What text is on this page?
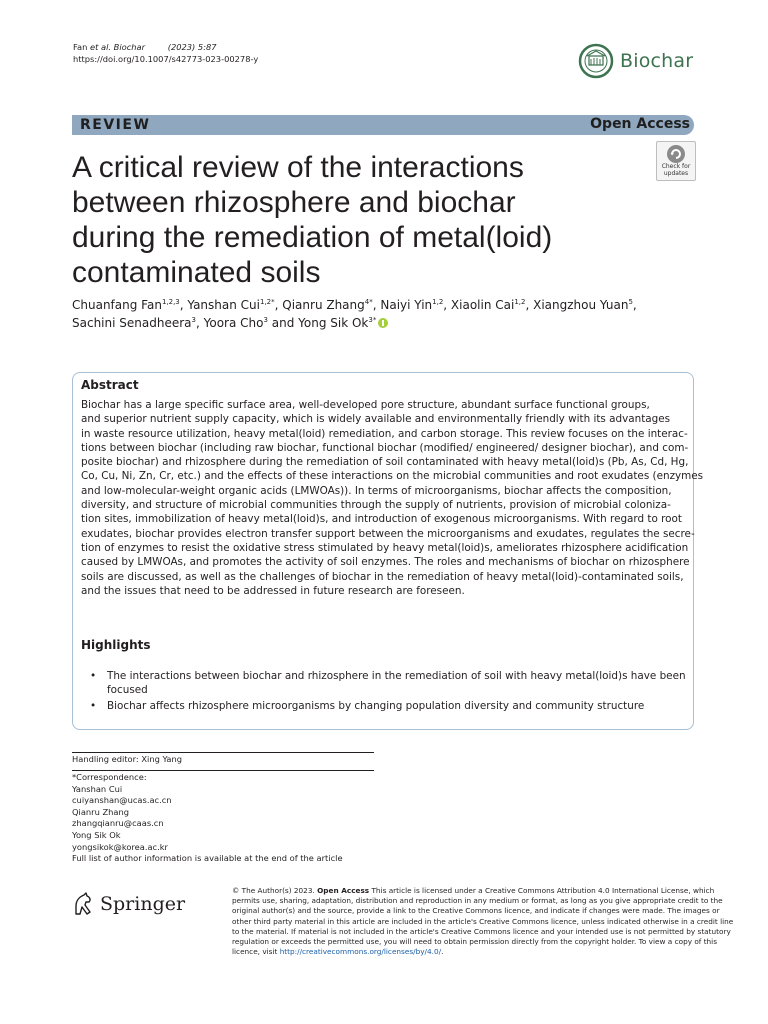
Fan et al. Biochar	(2023) 5:87
https://doi.org/10.1007/s42773-023-00278-y	Biochar
REVIEW	Open Access
Check for
updates
A critical review of the interactions
between rhizosphere and biochar
during the remediation of metal(loid)
contaminated soils
Chuanfang Fan$^{1,2,3}$, Yanshan Cui$^{1,2*}$, Qianru Zhang$^{4*}$, Naiyi Yin$^{1,2}$, Xiaolin Cai$^{1,2}$, Xiangzhou Yuan$^5$,
Sachini Senadheera$^3$, Yoora Cho$^3$ and Yong Sik $Ok^{3*}$
Abstract
Biochar has a large specific surface area, well-developed pore structure, abundant surface functional groups,
and superior nutrient supply capacity, which is widely available and environmentally friendly with its advantages
in waste resource utilization, heavy metal(loid) remediation, and carbon storage. This review focuses on the interac-
tions between biochar (including raw biochar, functional biochar (modified/ engineered/ designer biochar), and com-
posite biochar) and rhizosphere during the remediation of soil contaminated with heavy metal(loid)s (Pb, As, Cd, Hg,
Co, Cu, Ni, Zn, Cr, etc.) and the effects of these interactions on the microbial communities and root exudates (enzymes
and low-molecular-weight organic acids (LMWOAs)). In terms of microorganisms, biochar affects the composition,
diversity, and structure of microbial communities through the supply of nutrients, provision of microbial coloniza-
tion sites, immobilization of heavy metal(loid)s, and introduction of exogenous microorganisms. With regard to root
exudates, biochar provides electron transfer support between the microorganisms and exudates, regulates the secre-
tion of enzymes to resist the oxidative stress stimulated by heavy metal(loid)s, ameliorates rhizosphere acidification
caused by LMWOAs, and promotes the activity of soil enzymes. The roles and mechanisms of biochar on rhizosphere
soils are discussed, as well as the challenges of biochar in the remediation of heavy metal(loid)-contaminated soils,
and the issues that need to be addressed in future research are foreseen.
Highlights
• The interactions between biochar and rhizosphere in the remediation of soil with heavy metal(loid)s have been focused
• Biochar affects rhizosphere microorganisms by changing population diversity and community structure
Handling editor: Xing Yang
*Correspondence:
Yanshan Cui
cuiyanshan@ucas.ac.cn
Qianru Zhang
zhangqianru@caas.cn
Yong Sik Ok
yongsikok@korea.ac.kr
Full list of author information is available at the end of the article
Springer
© The Author(s) 2023. Open Access This article is licensed under a Creative Commons Attribution 4.0 International License, which
permits use, sharing, adaptation, distribution and reproduction in any medium or format, as long as you give appropriate credit to the
original author(s) and the source, provide a link to the Creative Commons licence, and indicate if changes were made. The images or
other third party material in this article are included in the article's Creative Commons licence, unless indicated otherwise in a credit line
to the material. If material is not included in the article's Creative Commons licence and your intended use is not permitted by statutory
regulation or exceeds the permitted use, you will need to obtain permission directly from the copyright holder. To view a copy of this
licence, visit http://creativecommons.org/licenses/by/4.0/.
